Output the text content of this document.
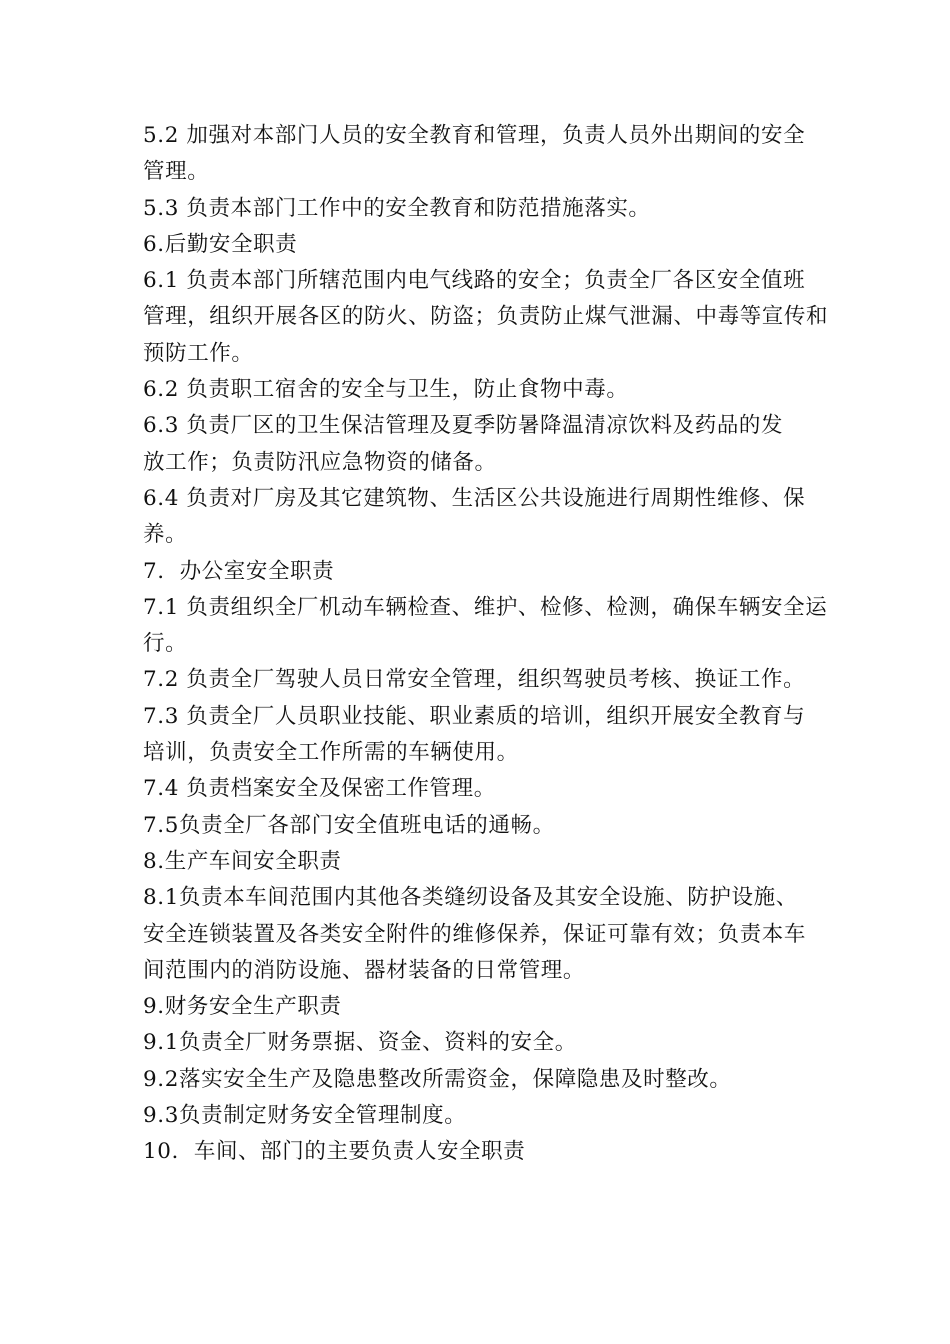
5.2 加强对本部门人员的安全教育和管理，负责人员外出期间的安全
管理。
5.3 负责本部门工作中的安全教育和防范措施落实。
6.后勤安全职责
6.1 负责本部门所辖范围内电气线路的安全；负责全厂各区安全值班
管理，组织开展各区的防火、防盗；负责防止煤气泄漏、中毒等宣传和
预防工作。
6.2 负责职工宿舍的安全与卫生，防止食物中毒。
6.3 负责厂区的卫生保洁管理及夏季防暑降温清凉饮料及药品的发
放工作；负责防汛应急物资的储备。
6.4 负责对厂房及其它建筑物、生活区公共设施进行周期性维修、保
养。
7.  办公室安全职责
7.1 负责组织全厂机动车辆检查、维护、检修、检测，确保车辆安全运
行。
7.2 负责全厂驾驶人员日常安全管理，组织驾驶员考核、换证工作。
7.3 负责全厂人员职业技能、职业素质的培训，组织开展安全教育与
培训，负责安全工作所需的车辆使用。
7.4 负责档案安全及保密工作管理。
7.5负责全厂各部门安全值班电话的通畅。
8.生产车间安全职责
8.1负责本车间范围内其他各类缝纫设备及其安全设施、防护设施、
安全连锁装置及各类安全附件的维修保养，保证可靠有效；负责本车
间范围内的消防设施、器材装备的日常管理。
9.财务安全生产职责
9.1负责全厂财务票据、资金、资料的安全。
9.2落实安全生产及隐患整改所需资金，保障隐患及时整改。
9.3负责制定财务安全管理制度。
10.  车间、部门的主要负责人安全职责
